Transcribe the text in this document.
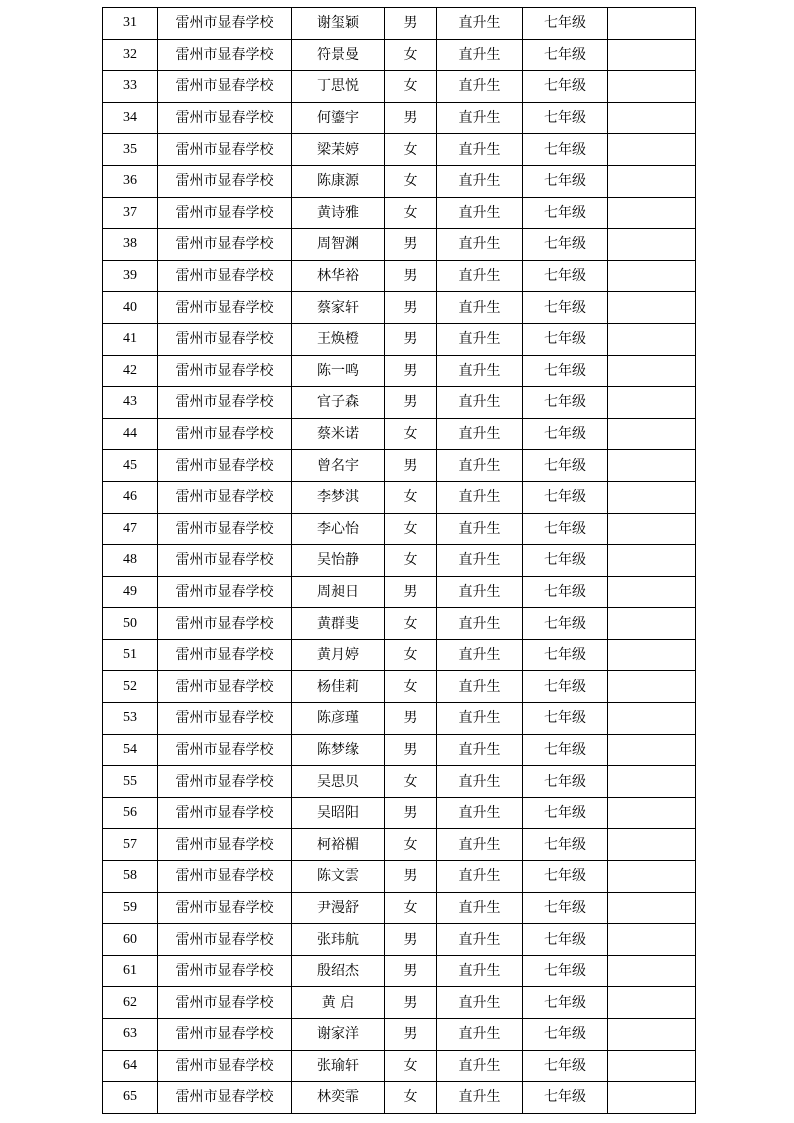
31	雷州市显春学校	谢玺颖	男	直升生	七年级	
32	雷州市显春学校	符景曼	女	直升生	七年级	
33	雷州市显春学校	丁思悦	女	直升生	七年级	
34	雷州市显春学校	何鎏宇	男	直升生	七年级	
35	雷州市显春学校	梁茉婷	女	直升生	七年级	
36	雷州市显春学校	陈康源	女	直升生	七年级	
37	雷州市显春学校	黄诗雅	女	直升生	七年级	
38	雷州市显春学校	周智渊	男	直升生	七年级	
39	雷州市显春学校	林华裕	男	直升生	七年级	
40	雷州市显春学校	蔡家轩	男	直升生	七年级	
41	雷州市显春学校	王焕橙	男	直升生	七年级	
42	雷州市显春学校	陈一鸣	男	直升生	七年级	
43	雷州市显春学校	官子森	男	直升生	七年级	
44	雷州市显春学校	蔡米诺	女	直升生	七年级	
45	雷州市显春学校	曾名宇	男	直升生	七年级	
46	雷州市显春学校	李梦淇	女	直升生	七年级	
47	雷州市显春学校	李心怡	女	直升生	七年级	
48	雷州市显春学校	吴怡静	女	直升生	七年级	
49	雷州市显春学校	周昶日	男	直升生	七年级	
50	雷州市显春学校	黄群斐	女	直升生	七年级	
51	雷州市显春学校	黄月婷	女	直升生	七年级	
52	雷州市显春学校	杨佳莉	女	直升生	七年级	
53	雷州市显春学校	陈彦瑾	男	直升生	七年级	
54	雷州市显春学校	陈梦缘	男	直升生	七年级	
55	雷州市显春学校	吴思贝	女	直升生	七年级	
56	雷州市显春学校	吴昭阳	男	直升生	七年级	
57	雷州市显春学校	柯裕楣	女	直升生	七年级	
58	雷州市显春学校	陈文雲	男	直升生	七年级	
59	雷州市显春学校	尹漫舒	女	直升生	七年级	
60	雷州市显春学校	张玮航	男	直升生	七年级	
61	雷州市显春学校	殷绍杰	男	直升生	七年级	
62	雷州市显春学校	黄 启	男	直升生	七年级	
63	雷州市显春学校	谢家洋	男	直升生	七年级	
64	雷州市显春学校	张瑜轩	女	直升生	七年级	
65	雷州市显春学校	林奕霏	女	直升生	七年级	
